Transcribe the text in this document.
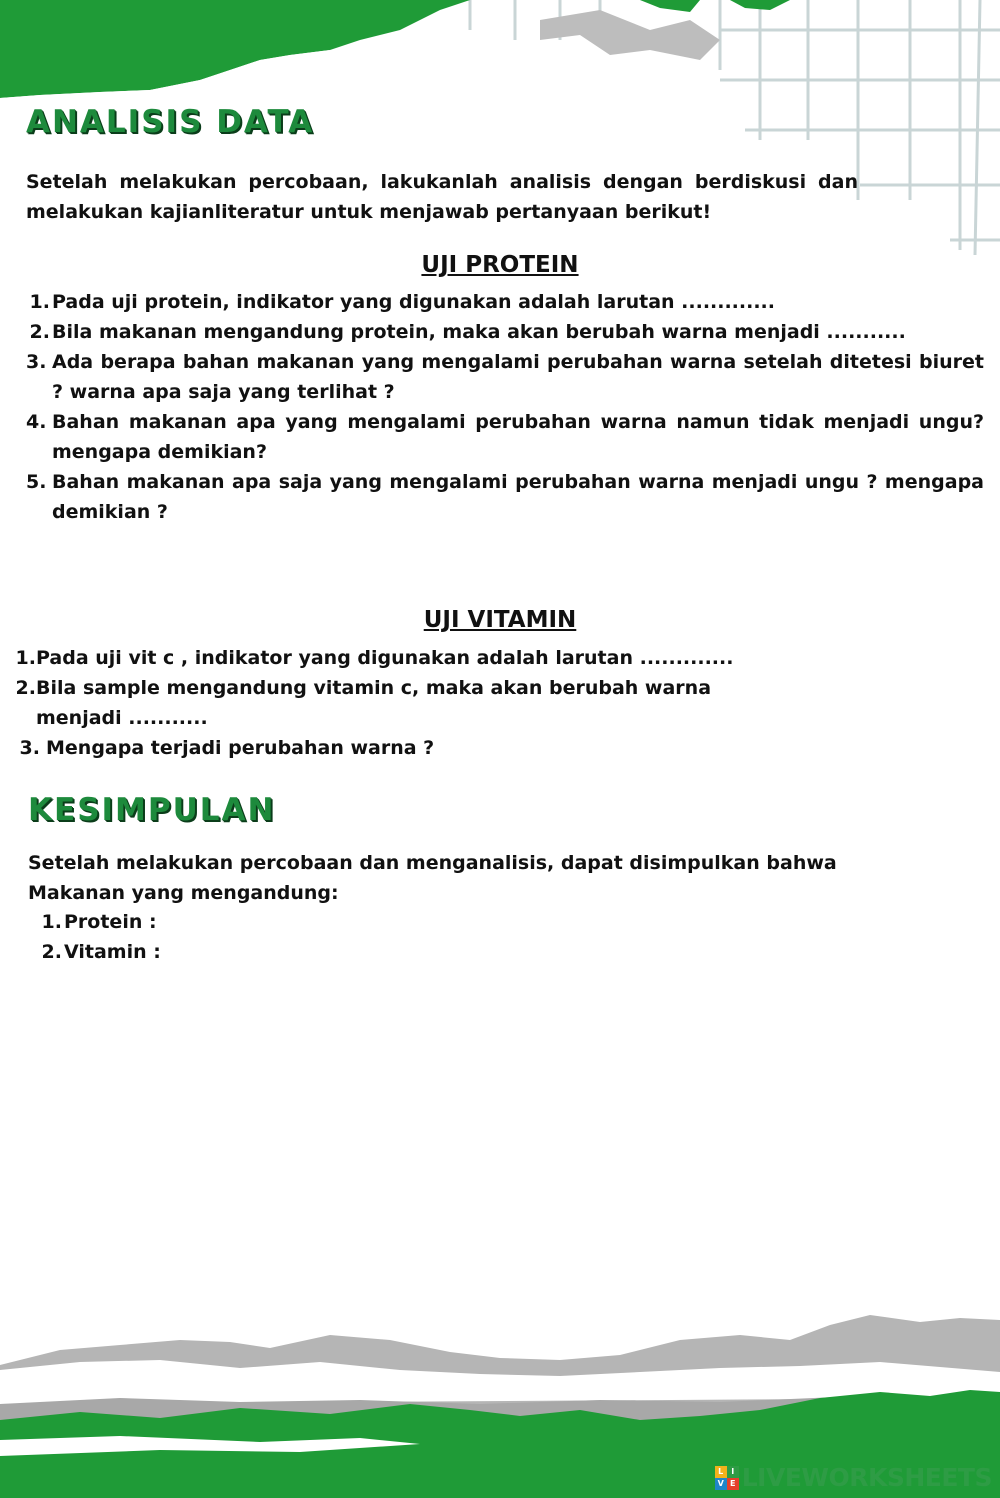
ANALISIS DATA

Setelah melakukan percobaan, lakukanlah analisis dengan berdiskusi dan
melakukan kajianliteratur untuk menjawab pertanyaan berikut!

UJI PROTEIN
1. Pada uji protein, indikator yang digunakan adalah larutan .............
2. Bila makanan mengandung protein, maka akan berubah warna menjadi ...........
3. Ada berapa bahan makanan yang mengalami perubahan warna setelah ditetesi biuret ? warna apa saja yang terlihat ?
4. Bahan makanan apa yang mengalami perubahan warna namun tidak menjadi ungu? mengapa demikian?
5. Bahan makanan apa saja yang mengalami perubahan warna menjadi ungu ? mengapa demikian ?
UJI VITAMIN
1. Pada uji vit c , indikator yang digunakan adalah larutan .............
2. Bila sample mengandung vitamin c, maka akan berubah warna menjadi ...........
3. Mengapa terjadi perubahan warna ?
KESIMPULAN

Setelah melakukan percobaan dan menganalisis, dapat disimpulkan bahwa
Makanan yang mengandung:

1. Protein :
2. Vitamin :
L I
V E LIVEWORKSHEETS
